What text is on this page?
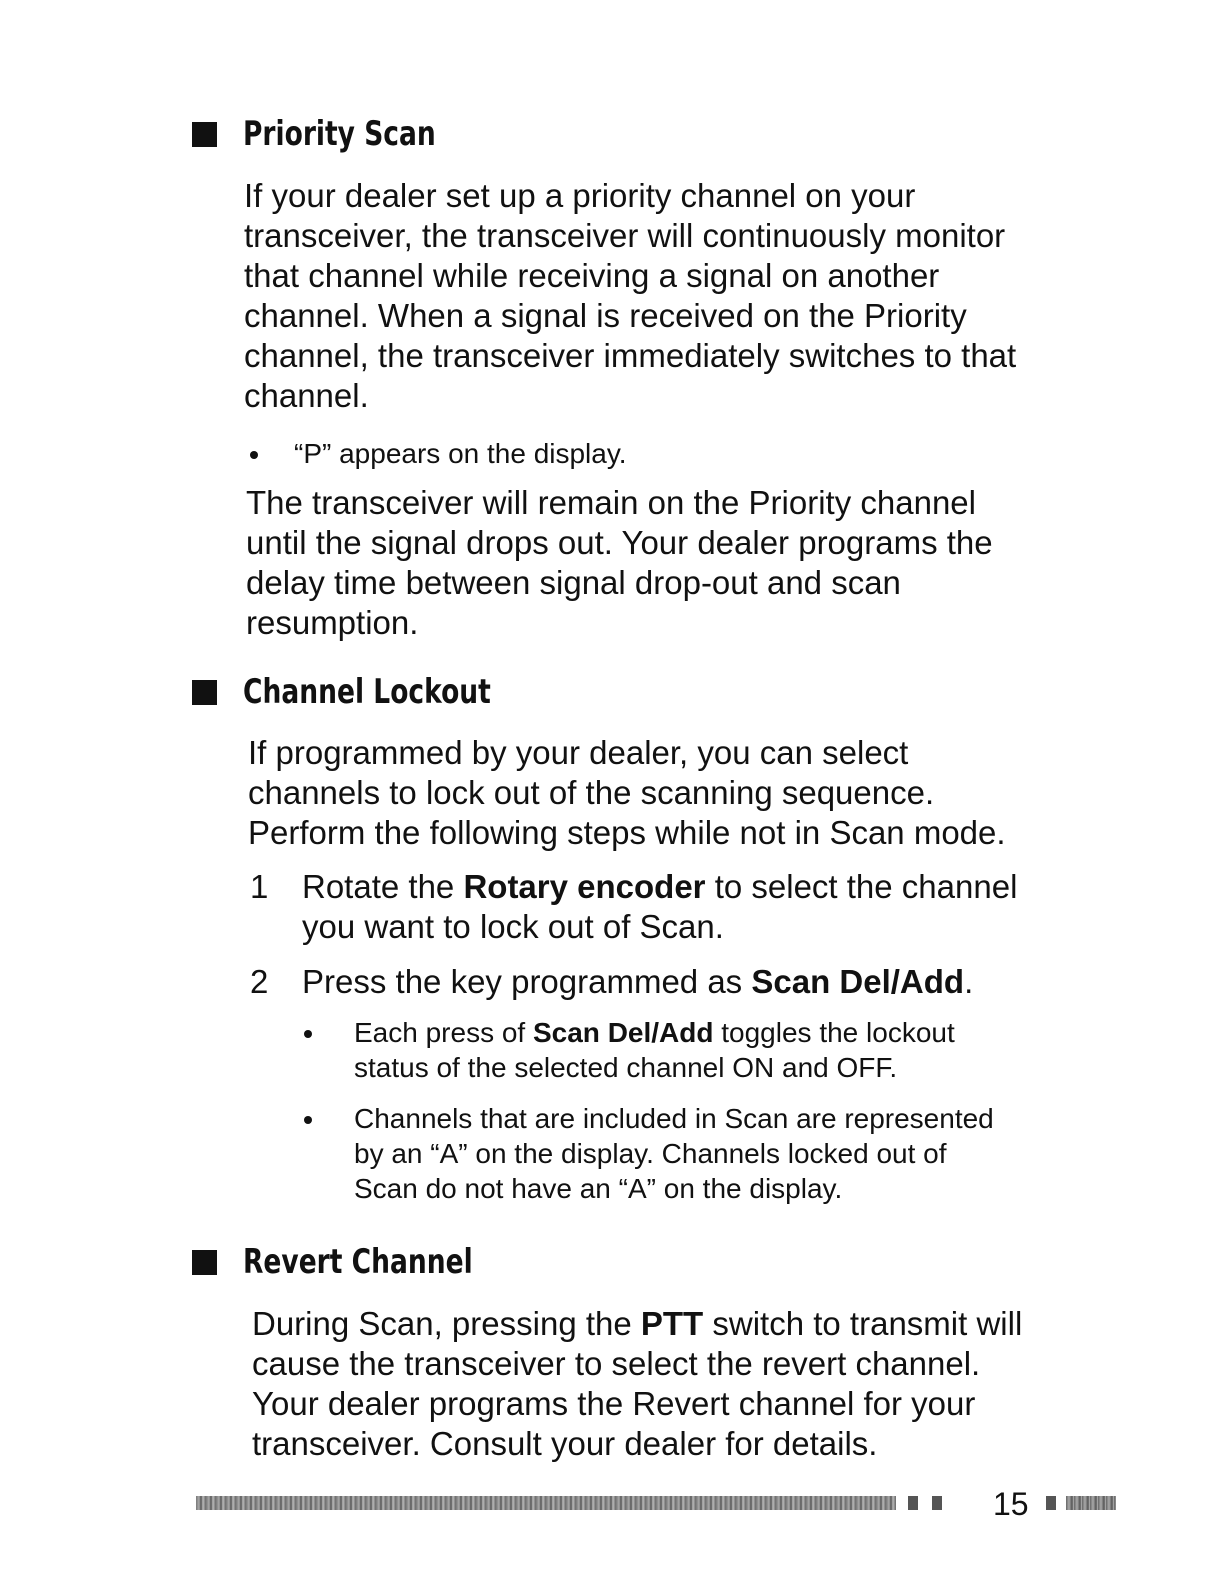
Priority Scan

If your dealer set up a priority channel on your

transceiver, the transceiver will continuously monitor

that channel while receiving a signal on another

channel. When a signal is received on the Priority

channel, the transceiver immediately switches to that

channel.

“P” appears on the display.

The transceiver will remain on the Priority channel

until the signal drops out. Your dealer programs the

delay time between signal drop-out and scan

resumption.

Channel Lockout

If programmed by your dealer, you can select

channels to lock out of the scanning sequence.

Perform the following steps while not in Scan mode.

1	Rotate the Rotary encoder to select the channel
you want to lock out of Scan.
2	Press the key programmed as Scan Del/Add.
Each press of Scan Del/Add toggles the lockout
status of the selected channel ON and OFF.
Channels that are included in Scan are represented
by an “A” on the display. Channels locked out of
Scan do not have an “A” on the display.
Revert Channel

During Scan, pressing the PTT switch to transmit will

cause the transceiver to select the revert channel.

Your dealer programs the Revert channel for your

transceiver. Consult your dealer for details.

15
